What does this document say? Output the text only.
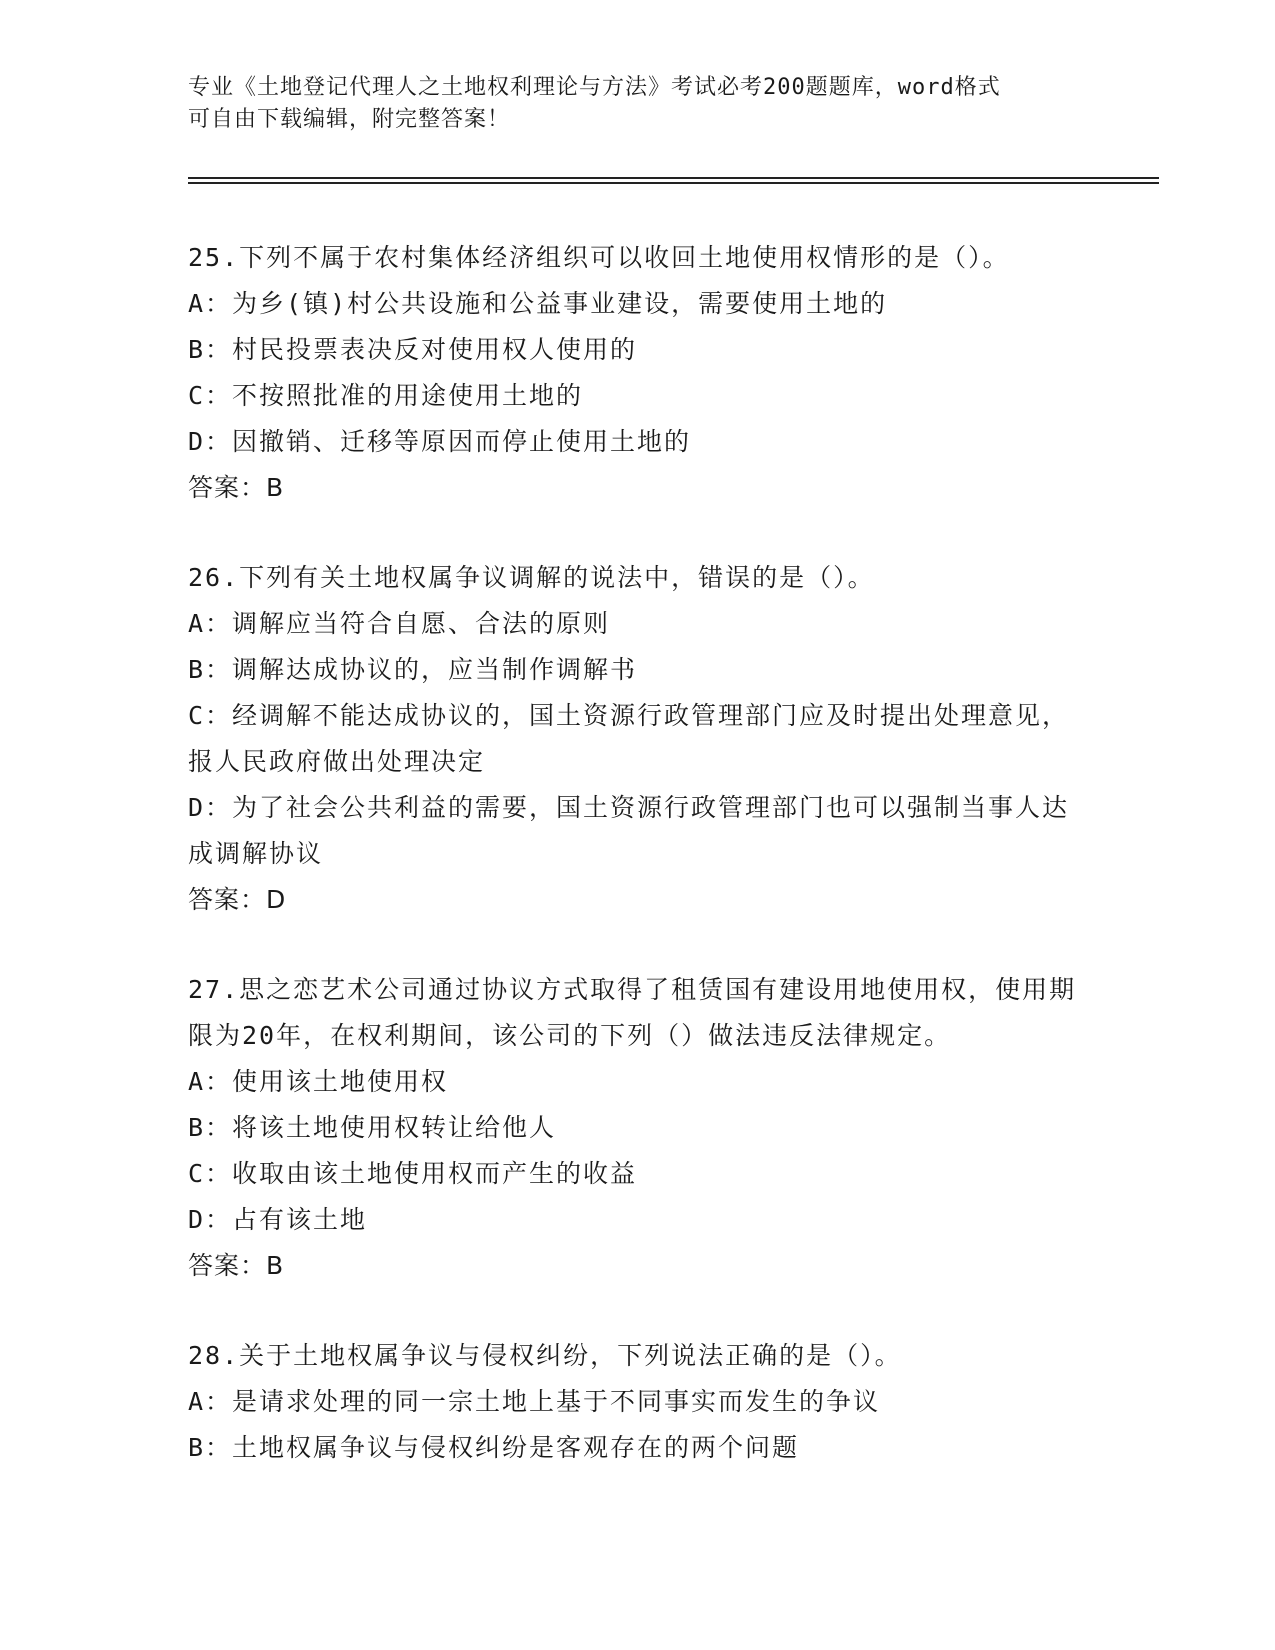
专业《土地登记代理人之土地权利理论与方法》考试必考200题题库，word格式
可自由下载编辑，附完整答案！
25.下列不属于农村集体经济组织可以收回土地使用权情形的是（）。
A：为乡(镇)村公共设施和公益事业建设，需要使用土地的
B：村民投票表决反对使用权人使用的
C：不按照批准的用途使用土地的
D：因撤销、迁移等原因而停止使用土地的
答案：B
26.下列有关土地权属争议调解的说法中，错误的是（）。
A：调解应当符合自愿、合法的原则
B：调解达成协议的，应当制作调解书
C：经调解不能达成协议的，国土资源行政管理部门应及时提出处理意见，报人民政府做出处理决定
D：为了社会公共利益的需要，国土资源行政管理部门也可以强制当事人达成调解协议
答案：D
27.思之恋艺术公司通过协议方式取得了租赁国有建设用地使用权，使用期限为20年，在权利期间，该公司的下列（）做法违反法律规定。
A：使用该土地使用权
B：将该土地使用权转让给他人
C：收取由该土地使用权而产生的收益
D：占有该土地
答案：B
28.关于土地权属争议与侵权纠纷，下列说法正确的是（）。
A：是请求处理的同一宗土地上基于不同事实而发生的争议
B：土地权属争议与侵权纠纷是客观存在的两个问题
